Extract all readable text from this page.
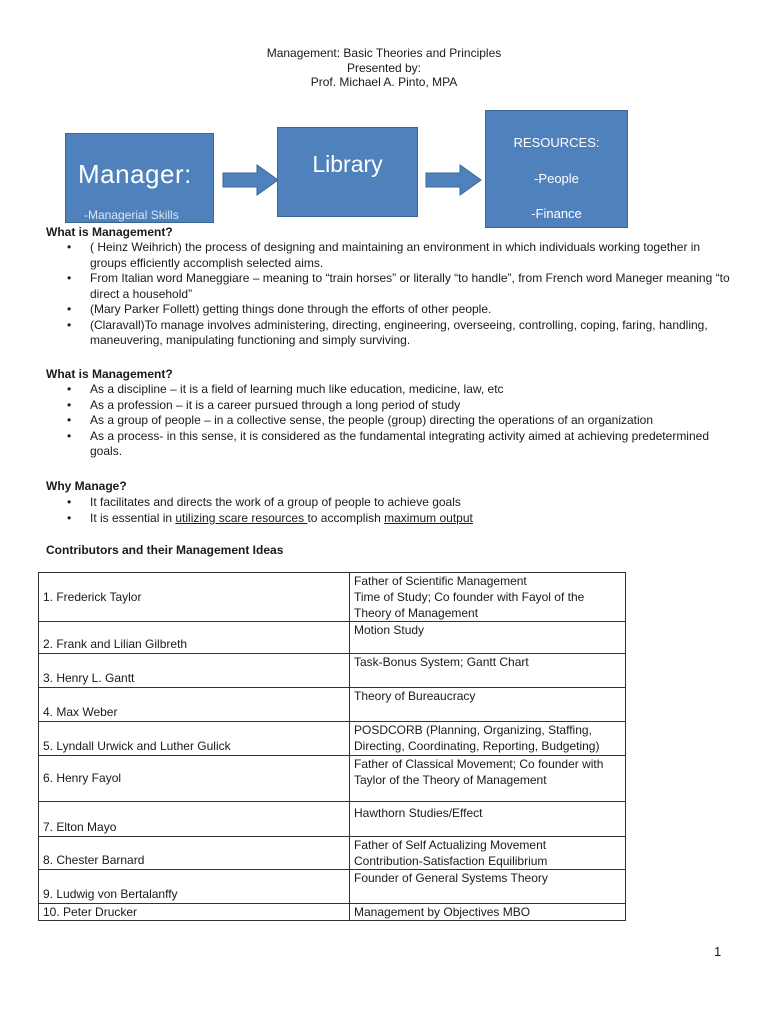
Management: Basic Theories and Principles
Presented by:
Prof. Michael A. Pinto, MPA
Manager:
-Managerial Skills
Library
RESOURCES:
-People
-Finance
What is Management?
• ( Heinz Weihrich) the process of designing and maintaining an environment in which individuals working together in groups efficiently accomplish selected aims.
• From Italian word Maneggiare – meaning to “train horses” or literally “to handle”, from French word Maneger meaning “to direct a household”
• (Mary Parker Follett) getting things done through the efforts of other people.
• (Claravall)To manage involves administering, directing, engineering, overseeing, controlling, coping, faring, handling, maneuvering, manipulating functioning and simply surviving.
What is Management?
• As a discipline – it is a field of learning much like education, medicine, law, etc
• As a profession – it is a career pursued through a long period of study
• As a group of people – in a collective sense, the people (group) directing the operations of an organization
• As a process- in this sense, it is considered as the fundamental integrating activity aimed at achieving predetermined goals.
Why Manage?
• It facilitates and directs the work of a group of people to achieve goals
• It is essential in utilizing scare resources to accomplish maximum output
Contributors and their Management Ideas
1. Frederick Taylor	Father of Scientific Management
Time of Study; Co founder with Fayol of the Theory of Management

2. Frank and Lilian Gilbreth	Motion Study
3. Henry L. Gantt	Task-Bonus System; Gantt Chart
4. Max Weber	Theory of Bureaucracy
5. Lyndall Urwick and Luther Gulick	POSDCORB (Planning, Organizing, Staffing, Directing, Coordinating, Reporting, Budgeting)
6. Henry Fayol	Father of Classical Movement; Co founder with Taylor of the Theory of Management
7. Elton Mayo	Hawthorn Studies/Effect
8. Chester Barnard	Father of Self Actualizing Movement
Contribution-Satisfaction Equilibrium

9. Ludwig von Bertalanffy	Founder of General Systems Theory
10. Peter Drucker	Management by Objectives MBO
1
